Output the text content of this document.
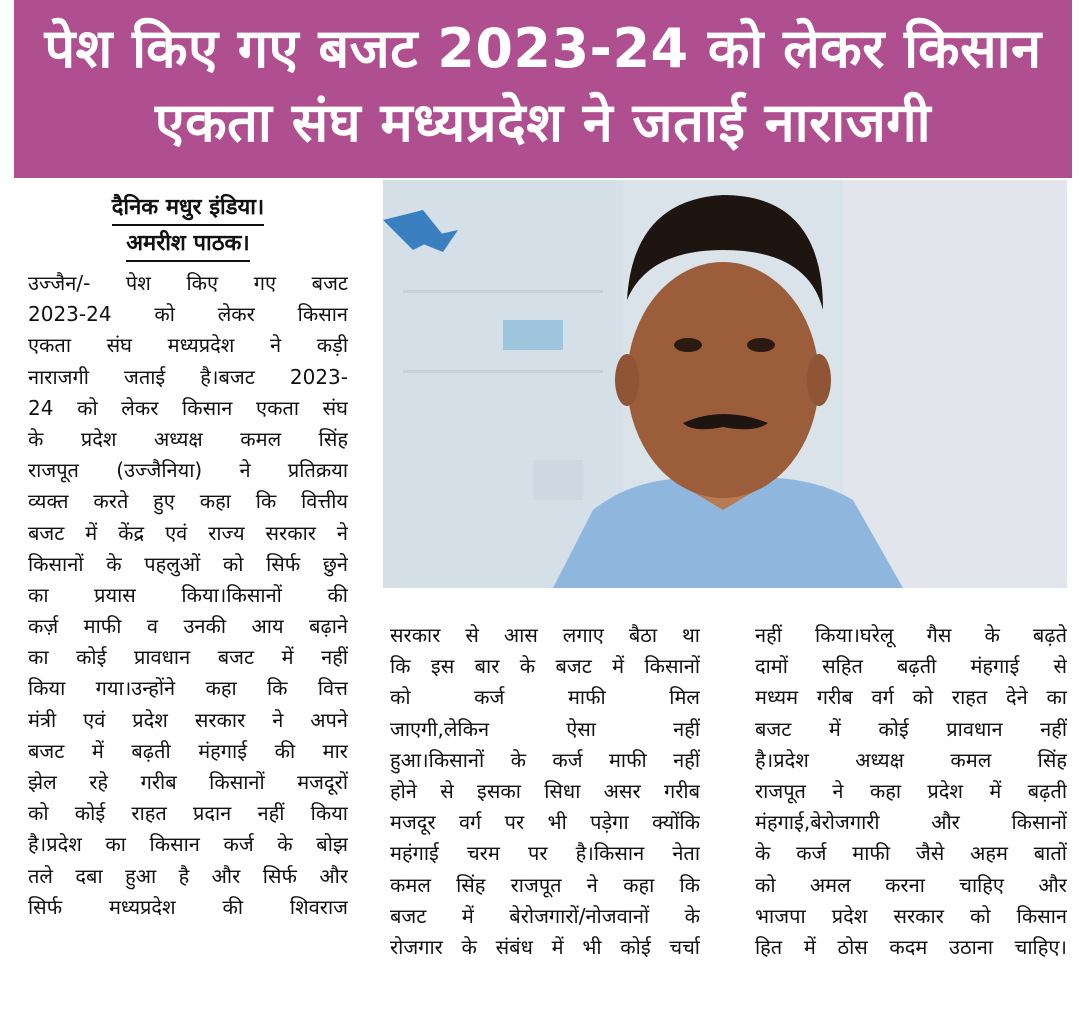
पेश किए गए बजट 2023-24 को लेकर किसान
एकता संघ मध्यप्रदेश ने जताई नाराजगी
दैनिक मधुर इंडिया।
अमरीश पाठक।
उज्जैन/- पेश किए गए बजट
2023-24 को लेकर किसान
एकता संघ मध्यप्रदेश ने कड़ी
नाराजगी जताई है।बजट 2023-
24 को लेकर किसान एकता संघ
के प्रदेश अध्यक्ष कमल सिंह
राजपूत (उज्जैनिया) ने प्रतिक्रया
व्यक्त करते हुए कहा कि वित्तीय
बजट में केंद्र एवं राज्य सरकार ने
किसानों के पहलुओं को सिर्फ छुने
का प्रयास किया।किसानों की
कर्ज़ माफी व उनकी आय बढ़ाने
का कोई प्रावधान बजट में नहीं
किया गया।उन्होंने कहा कि वित्त
मंत्री एवं प्रदेश सरकार ने अपने
बजट में बढ़ती मंहगाई की मार
झेल रहे गरीब किसानों मजदूरों
को कोई राहत प्रदान नहीं किया
है।प्रदेश का किसान कर्ज के बोझ
तले दबा हुआ है और सिर्फ और
सिर्फ मध्यप्रदेश की शिवराज
सरकार से आस लगाए बैठा था
कि इस बार के बजट में किसानों
को कर्ज माफी मिल
जाएगी,लेकिन ऐसा नहीं
हुआ।किसानों के कर्ज माफी नहीं
होने से इसका सिधा असर गरीब
मजदूर वर्ग पर भी पड़ेगा क्योंकि
महंगाई चरम पर है।किसान नेता
कमल सिंह राजपूत ने कहा कि
बजट में बेरोजगारों/नोजवानों के
रोजगार के संबंध में भी कोई चर्चा
नहीं किया।घरेलू गैस के बढ़ते
दामों सहित बढ़ती मंहगाई से
मध्यम गरीब वर्ग को राहत देने का
बजट में कोई प्रावधान नहीं
है।प्रदेश अध्यक्ष कमल सिंह
राजपूत ने कहा प्रदेश में बढ़ती
मंहगाई,बेरोजगारी और किसानों
के कर्ज माफी जैसे अहम बातों
को अमल करना चाहिए और
भाजपा प्रदेश सरकार को किसान
हित में ठोस कदम उठाना चाहिए।
